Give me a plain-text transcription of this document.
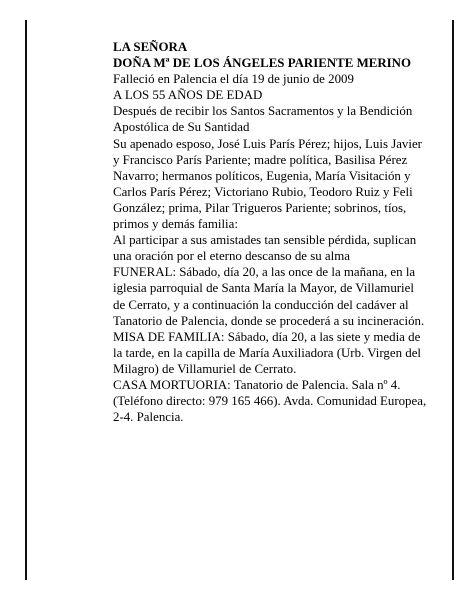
LA SEÑORA

DOÑA Mª DE LOS ÁNGELES PARIENTE MERINO

Falleció en Palencia el día 19 de junio de 2009

A LOS 55 AÑOS DE EDAD

Después de recibir los Santos Sacramentos y la Bendición Apostólica de Su Santidad

Su apenado esposo, José Luis París Pérez; hijos, Luis Javier y Francisco París Pariente; madre política, Basilisa Pérez Navarro; hermanos políticos, Eugenia, María Visitación y Carlos París Pérez; Victoriano Rubio, Teodoro Ruiz y Feli González; prima, Pilar Trigueros Pariente; sobrinos, tíos, primos y demás familia:

Al participar a sus amistades tan sensible pérdida, suplican una oración por el eterno descanso de su alma

FUNERAL: Sábado, día 20, a las once de la mañana, en la iglesia parroquial de Santa María la Mayor, de Villamuriel de Cerrato, y a continuación la conducción del cadáver al Tanatorio de Palencia, donde se procederá a su incineración.

MISA DE FAMILIA: Sábado, día 20, a las siete y media de la tarde, en la capilla de María Auxiliadora (Urb. Virgen del Milagro) de Villamuriel de Cerrato.

CASA MORTUORIA: Tanatorio de Palencia. Sala nº 4. (Teléfono directo: 979 165 466). Avda. Comunidad Europea, 2-4. Palencia.
